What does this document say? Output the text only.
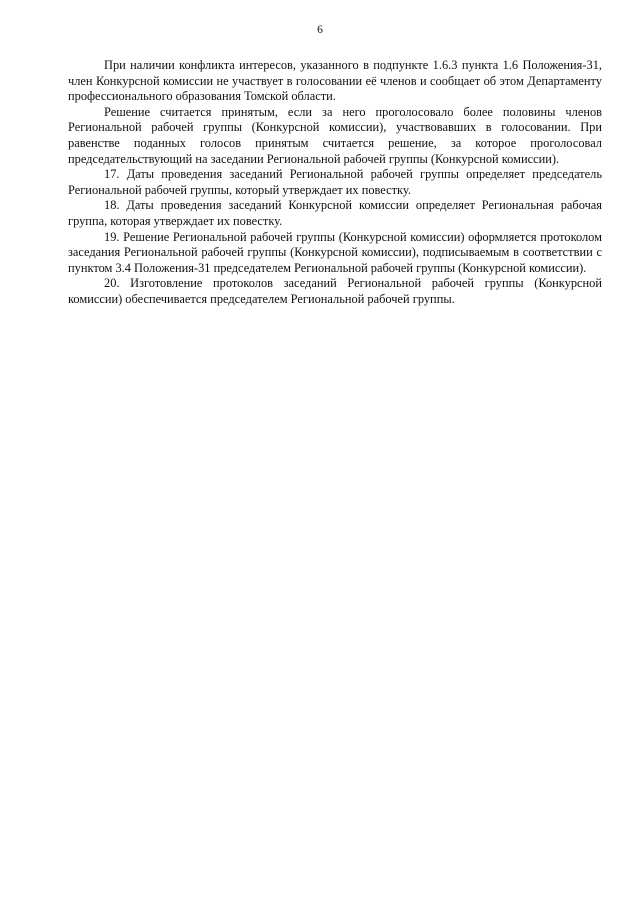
6

При наличии конфликта интересов, указанного в подпункте 1.6.3 пункта 1.6 Положения-31, член Конкурсной комиссии не участвует в голосовании её членов и сообщает об этом Департаменту профессионального образования Томской области.

Решение считается принятым, если за него проголосовало более половины членов Региональной рабочей группы (Конкурсной комиссии), участвовавших в голосовании. При равенстве поданных голосов принятым считается решение, за которое проголосовал председательствующий на заседании Региональной рабочей группы (Конкурсной комиссии).

17. Даты проведения заседаний Региональной рабочей группы определяет председатель Региональной рабочей группы, который утверждает их повестку.

18. Даты проведения заседаний Конкурсной комиссии определяет Региональная рабочая группа, которая утверждает их повестку.

19. Решение Региональной рабочей группы (Конкурсной комиссии) оформляется протоколом заседания Региональной рабочей группы (Конкурсной комиссии), подписываемым в соответствии с пунктом 3.4 Положения-31 председателем Региональной рабочей группы (Конкурсной комиссии).

20. Изготовление протоколов заседаний Региональной рабочей группы (Конкурсной комиссии) обеспечивается председателем Региональной рабочей группы.
